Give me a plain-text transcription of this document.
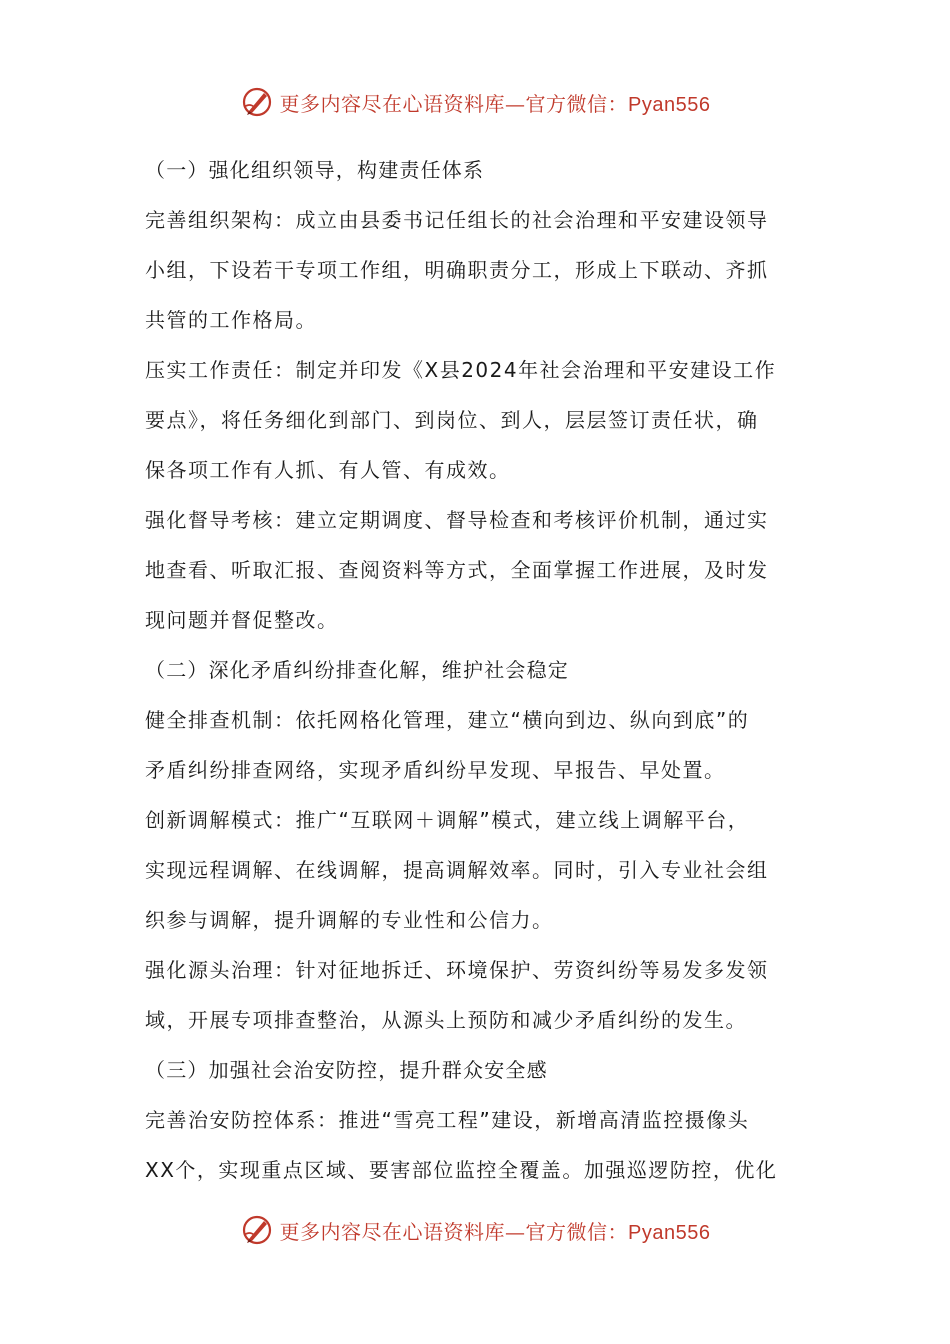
更多内容尽在心语资料库—官方微信：Pyan556
（一）强化组织领导，构建责任体系
完善组织架构：成立由县委书记任组长的社会治理和平安建设领导
小组，下设若干专项工作组，明确职责分工，形成上下联动、齐抓
共管的工作格局。
压实工作责任：制定并印发《X县2024年社会治理和平安建设工作
要点》，将任务细化到部门、到岗位、到人，层层签订责任状，确
保各项工作有人抓、有人管、有成效。
强化督导考核：建立定期调度、督导检查和考核评价机制，通过实
地查看、听取汇报、查阅资料等方式，全面掌握工作进展，及时发
现问题并督促整改。
（二）深化矛盾纠纷排查化解，维护社会稳定
健全排查机制：依托网格化管理，建立“横向到边、纵向到底”的
矛盾纠纷排查网络，实现矛盾纠纷早发现、早报告、早处置。
创新调解模式：推广“互联网＋调解”模式，建立线上调解平台，
实现远程调解、在线调解，提高调解效率。同时，引入专业社会组
织参与调解，提升调解的专业性和公信力。
强化源头治理：针对征地拆迁、环境保护、劳资纠纷等易发多发领
域，开展专项排查整治，从源头上预防和减少矛盾纠纷的发生。
（三）加强社会治安防控，提升群众安全感
完善治安防控体系：推进“雪亮工程”建设，新增高清监控摄像头
XX个，实现重点区域、要害部位监控全覆盖。加强巡逻防控，优化
更多内容尽在心语资料库—官方微信：Pyan556
